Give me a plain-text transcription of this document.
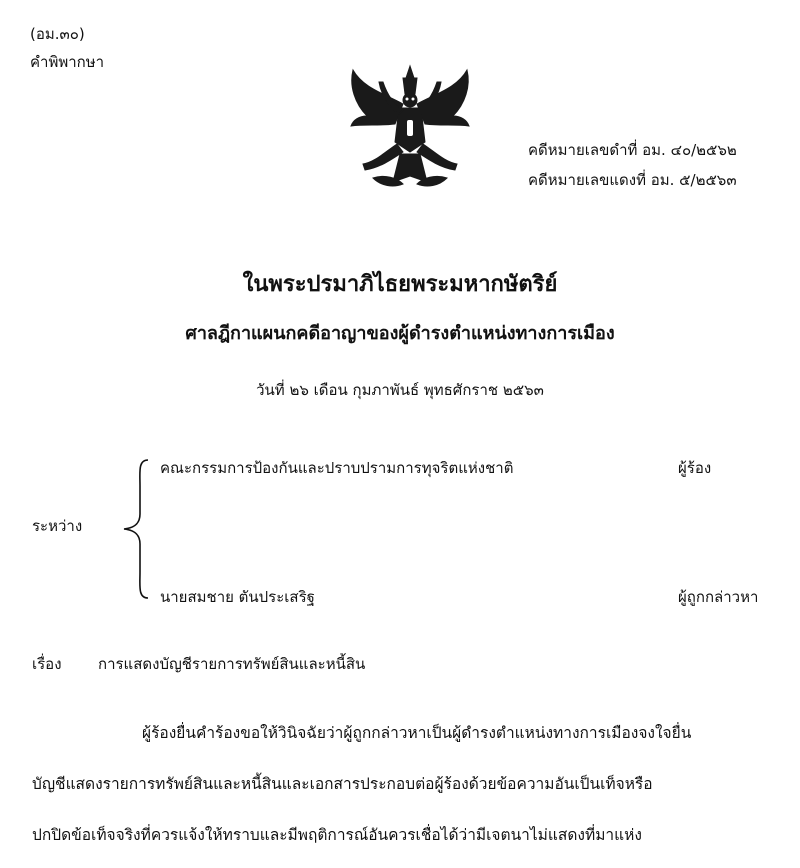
(อม.๓๐)
คำพิพากษา
คดีหมายเลขดำที่ อม. ๔๐/๒๕๖๒
คดีหมายเลขแดงที่ อม. ๕/๒๕๖๓
ในพระปรมาภิไธยพระมหากษัตริย์
ศาลฎีกาแผนกคดีอาญาของผู้ดำรงตำแหน่งทางการเมือง
วันที่ ๒๖ เดือน กุมภาพันธ์ พุทธศักราช ๒๕๖๓
คณะกรรมการป้องกันและปราบปรามการทุจริตแห่งชาติ	ผู้ร้อง
ระหว่าง
นายสมชาย ตันประเสริฐ	ผู้ถูกกล่าวหา
เรื่อง การแสดงบัญชีรายการทรัพย์สินและหนี้สิน
ผู้ร้องยื่นคำร้องขอให้วินิจฉัยว่าผู้ถูกกล่าวหาเป็นผู้ดำรงตำแหน่งทางการเมืองจงใจยื่น
บัญชีแสดงรายการทรัพย์สินและหนี้สินและเอกสารประกอบต่อผู้ร้องด้วยข้อความอันเป็นเท็จหรือ
ปกปิดข้อเท็จจริงที่ควรแจ้งให้ทราบและมีพฤติการณ์อันควรเชื่อได้ว่ามีเจตนาไม่แสดงที่มาแห่ง
